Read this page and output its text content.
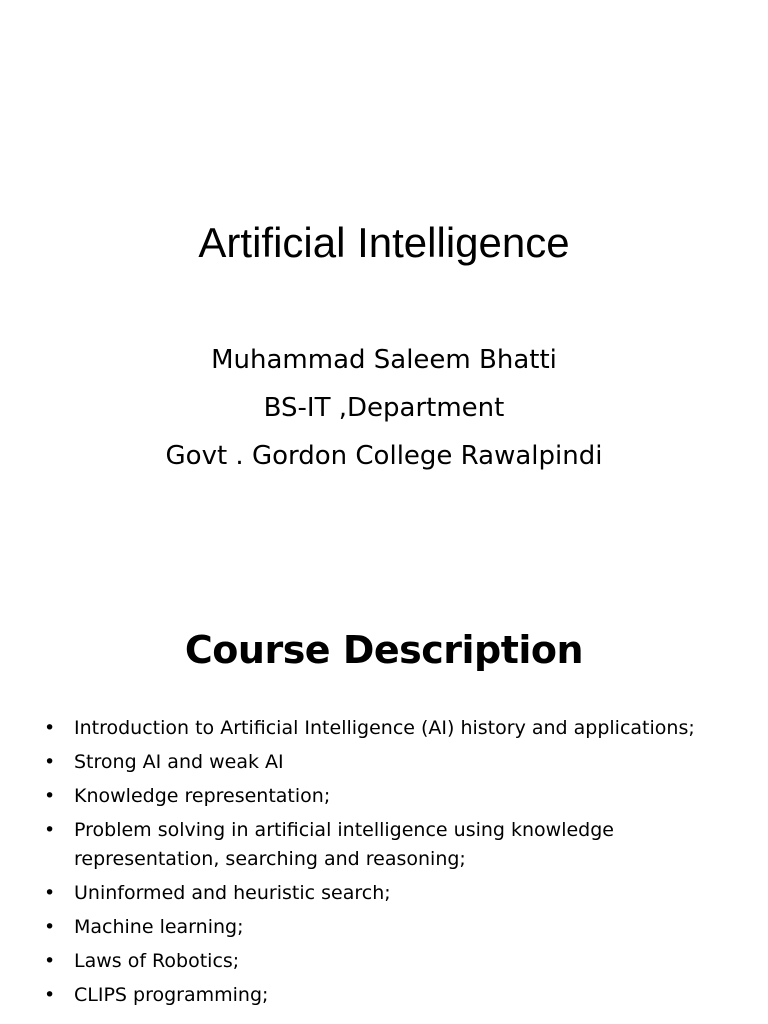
Artificial Intelligence
Muhammad Saleem Bhatti
BS-IT ,Department
Govt . Gordon College Rawalpindi
Course Description
• Introduction to Artificial Intelligence (AI) history and applications;
• Strong AI and weak AI
• Knowledge representation;
• Problem solving in artificial intelligence using knowledge representation, searching and reasoning;
• Uninformed and heuristic search;
• Machine learning;
• Laws of Robotics;
• CLIPS programming;
